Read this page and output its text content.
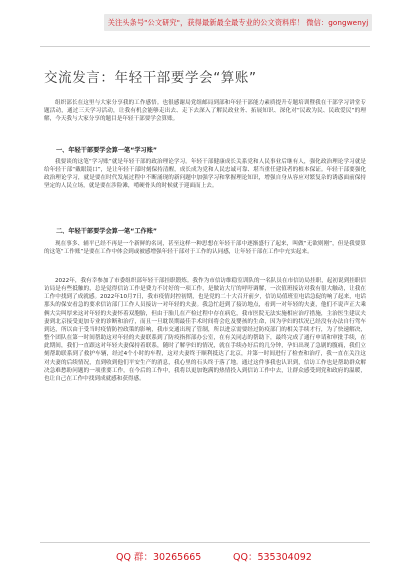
关注头条号"公文研究"，获得最新最全最专业的公文资料库！ 微信：gongwenyj
交流发言：年轻干部要学会“算账”
组织部长在这里与大家分享我的工作感悟。也很感谢局党组邮局到部和年轻干部能力素质提升专题培训暨我在干部学习讲堂专题活动，通过三天学习活动，让我有机会能够走出去、走下去深入了解民政业务、拓展知识、深化对“民政为民、民政爱民”的理解，今天我与大家分享的题目是年轻干部要学会算账。
一、年轻干部要学会算一笔“学习账”
我要谈的这笔“学习账”就是年轻干部的政治理论学习。年轻干部健康成长关系党和人民事业后继有人，强化政治理论学习就是给年轻干部“戴眼镜口”，是让年轻干部时刻保持清醒，成长成为党和人民忠诚可靠、堪当重任建设者的根本保证。年轻干部要强化政治理论学习，就是要在时代发展过程中不断涌现的新问题中加强学习和掌握理论知识，增强自身从容应对繁复杂的诱惑面前保持坚定的人民立场，就是要在涉险滩，啃硬骨头的时候就于迎面而上去。
二、年轻干部要学会算一笔“工作账”
现在事多、辅平已经不再是一个新鲜的名词，甚至这样一种思想在年轻干部中逐渐盛行了起来，叫做“无欲则刚”，但是我要算的这笔“工作账”是要在工作中体会到或被感增强年轻干部对于工作的认同感，让年轻干部在工作中充实起来。
2022年，我有幸参加了市委组织部年轻干部挂职锻炼。我作为市信访维稳室训队的一名队员在市信访局挂职，起初说到挂职信访局是有些抵触的，总是觉得信访工作是费力不讨好的一项工作，是做访大厅的呼吁调解，一次值班接访对我有很大触动，让我在工作中找到了成就感。2022年10月7日，我市疫情封控初期，也是党的二十大召开前夕，信访局值班室电话急促的响了起来，电话那头的保安看急的要求信访部门工作人员接访一对年轻的夫妻。我急忙赶到了接访地点，看到一对年轻的夫妻，他们不说声正大乘俩大尖叫厚来这对年轻的夫妻怀着双胞胎，但由于胎儿在产检过程中存在病危，我市医院无法实施相应治疗措施，主治医生建议夫妻到北京接受更加专业的诊断和治疗，而且一旦耽误期最佳手术时间将会危及婴孩的生命，因为孕妇的状况已经没有办法自行驾车到达，所以由于受当时疫情防控政策的影响，我市交通出现了管制，所以进京需要经过防疫部门的相关手续才行，为了快速解决，整个团队在第一时间帮助这对年轻的夫妻联系到了防疫指挥部办公室，在有关同志的帮助下，最终完成了通行申请和审批手续，在此期间，我们一直跟这对年轻夫妻保持着联系，随时了解孕妇的情况，就在手续办好后的几分钟，孕妇出现了急剧的腹痛，我们立刻帮助联系到了救护车辆，经过4个小时的车程，这对夫妻终于顺利抵达了北京，并第一时间进行了检查和治疗，我一直在关注这对夫妻的后续情况，直到收到他们平安生产的消息，我心里的石头终于落了地。通过这件事我也认识到，信访工作也是帮助群众解决急难愁盼问题的一项重要工作，在今后的工作中，我将以更加饱满的热情投入到信访工作中去，让群众感受到党和政府的温暖，也让自己在工作中找到成就感和获得感。
QQ 群：30265665	QQ：535304092
